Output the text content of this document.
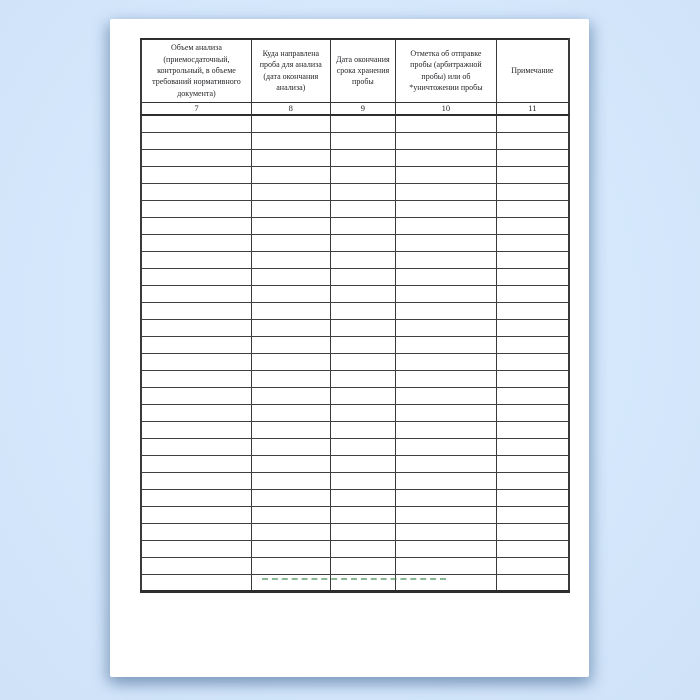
Объем анализа (приемосдаточный, контрольный, в объеме требований нормативного документа)	Куда направлена проба для анализа (дата окончания анализа)	Дата окончания срока хранения пробы	Отметка об отправке пробы (арбитражной пробы) или об *уничтожении пробы	Примечание
7	8	9	10	11
